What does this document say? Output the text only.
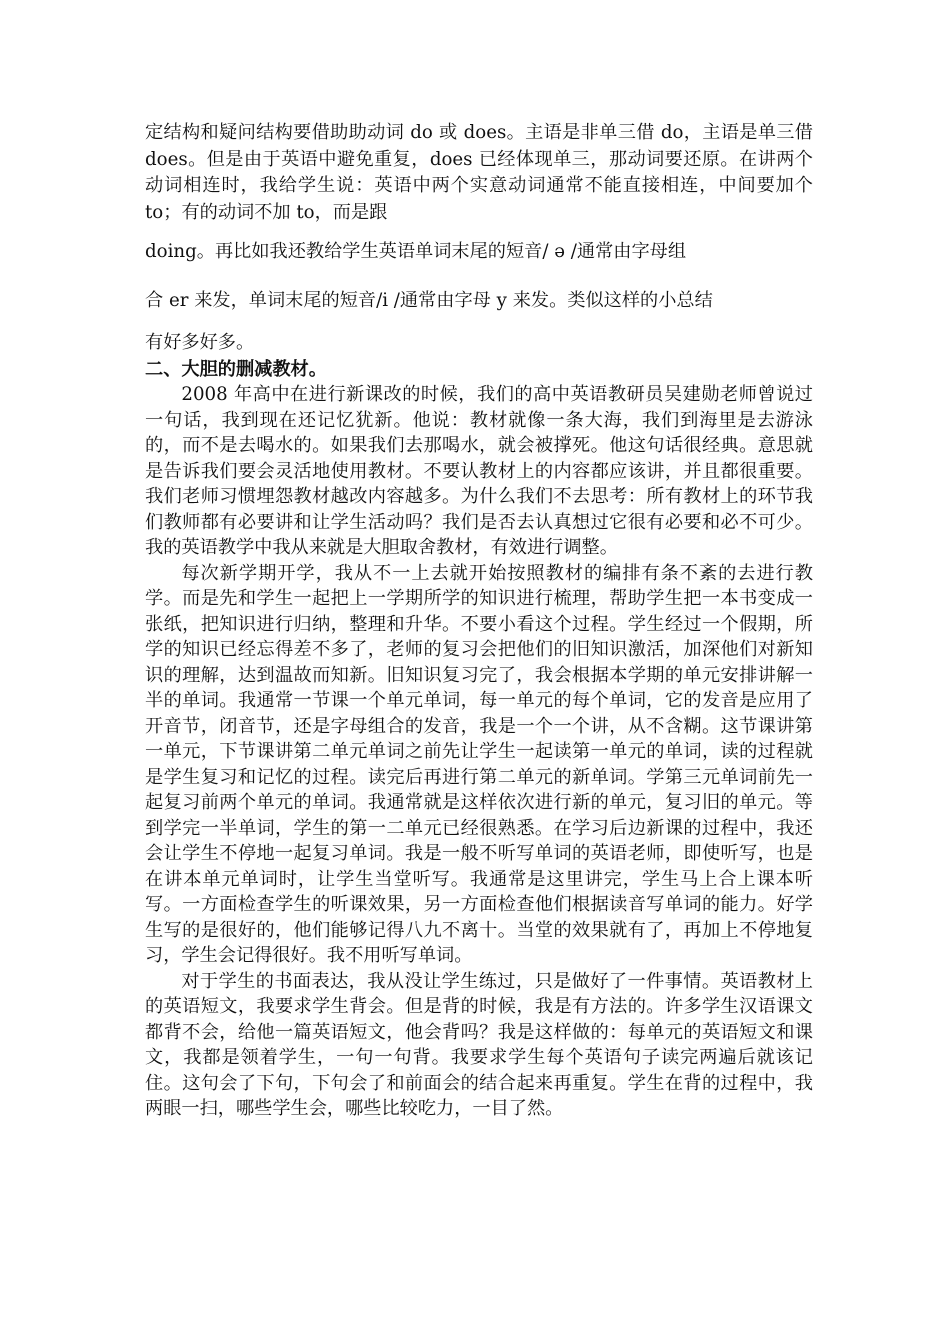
定结构和疑问结构要借助助动词 do 或 does。主语是非单三借 do，主语是单三借 does。但是由于英语中避免重复，does 已经体现单三，那动词要还原。在讲两个动词相连时，我给学生说：英语中两个实意动词通常不能直接相连，中间要加个 to；有的动词不加 to，而是跟

doing。再比如我还教给学生英语单词末尾的短音/ ə /通常由字母组

合 er 来发，单词末尾的短音/i /通常由字母 y 来发。类似这样的小总结

有好多好多。

二、大胆的删减教材。

2008 年高中在进行新课改的时候，我们的高中英语教研员吴建勋老师曾说过一句话，我到现在还记忆犹新。他说：教材就像一条大海，我们到海里是去游泳的，而不是去喝水的。如果我们去那喝水，就会被撑死。他这句话很经典。意思就是告诉我们要会灵活地使用教材。不要认教材上的内容都应该讲，并且都很重要。我们老师习惯埋怨教材越改内容越多。为什么我们不去思考：所有教材上的环节我们教师都有必要讲和让学生活动吗？我们是否去认真想过它很有必要和必不可少。我的英语教学中我从来就是大胆取舍教材，有效进行调整。

每次新学期开学，我从不一上去就开始按照教材的编排有条不紊的去进行教学。而是先和学生一起把上一学期所学的知识进行梳理，帮助学生把一本书变成一张纸，把知识进行归纳，整理和升华。不要小看这个过程。学生经过一个假期，所学的知识已经忘得差不多了，老师的复习会把他们的旧知识激活，加深他们对新知识的理解，达到温故而知新。旧知识复习完了，我会根据本学期的单元安排讲解一半的单词。我通常一节课一个单元单词，每一单元的每个单词，它的发音是应用了开音节，闭音节，还是字母组合的发音，我是一个一个讲，从不含糊。这节课讲第一单元，下节课讲第二单元单词之前先让学生一起读第一单元的单词，读的过程就是学生复习和记忆的过程。读完后再进行第二单元的新单词。学第三元单词前先一起复习前两个单元的单词。我通常就是这样依次进行新的单元，复习旧的单元。等到学完一半单词，学生的第一二单元已经很熟悉。在学习后边新课的过程中，我还会让学生不停地一起复习单词。我是一般不听写单词的英语老师，即使听写，也是在讲本单元单词时，让学生当堂听写。我通常是这里讲完，学生马上合上课本听写。一方面检查学生的听课效果，另一方面检查他们根据读音写单词的能力。好学生写的是很好的，他们能够记得八九不离十。当堂的效果就有了，再加上不停地复习，学生会记得很好。我不用听写单词。

对于学生的书面表达，我从没让学生练过，只是做好了一件事情。英语教材上的英语短文，我要求学生背会。但是背的时候，我是有方法的。许多学生汉语课文都背不会，给他一篇英语短文，他会背吗？我是这样做的：每单元的英语短文和课文，我都是领着学生，一句一句背。我要求学生每个英语句子读完两遍后就该记住。这句会了下句，下句会了和前面会的结合起来再重复。学生在背的过程中，我两眼一扫，哪些学生会，哪些比较吃力，一目了然。
